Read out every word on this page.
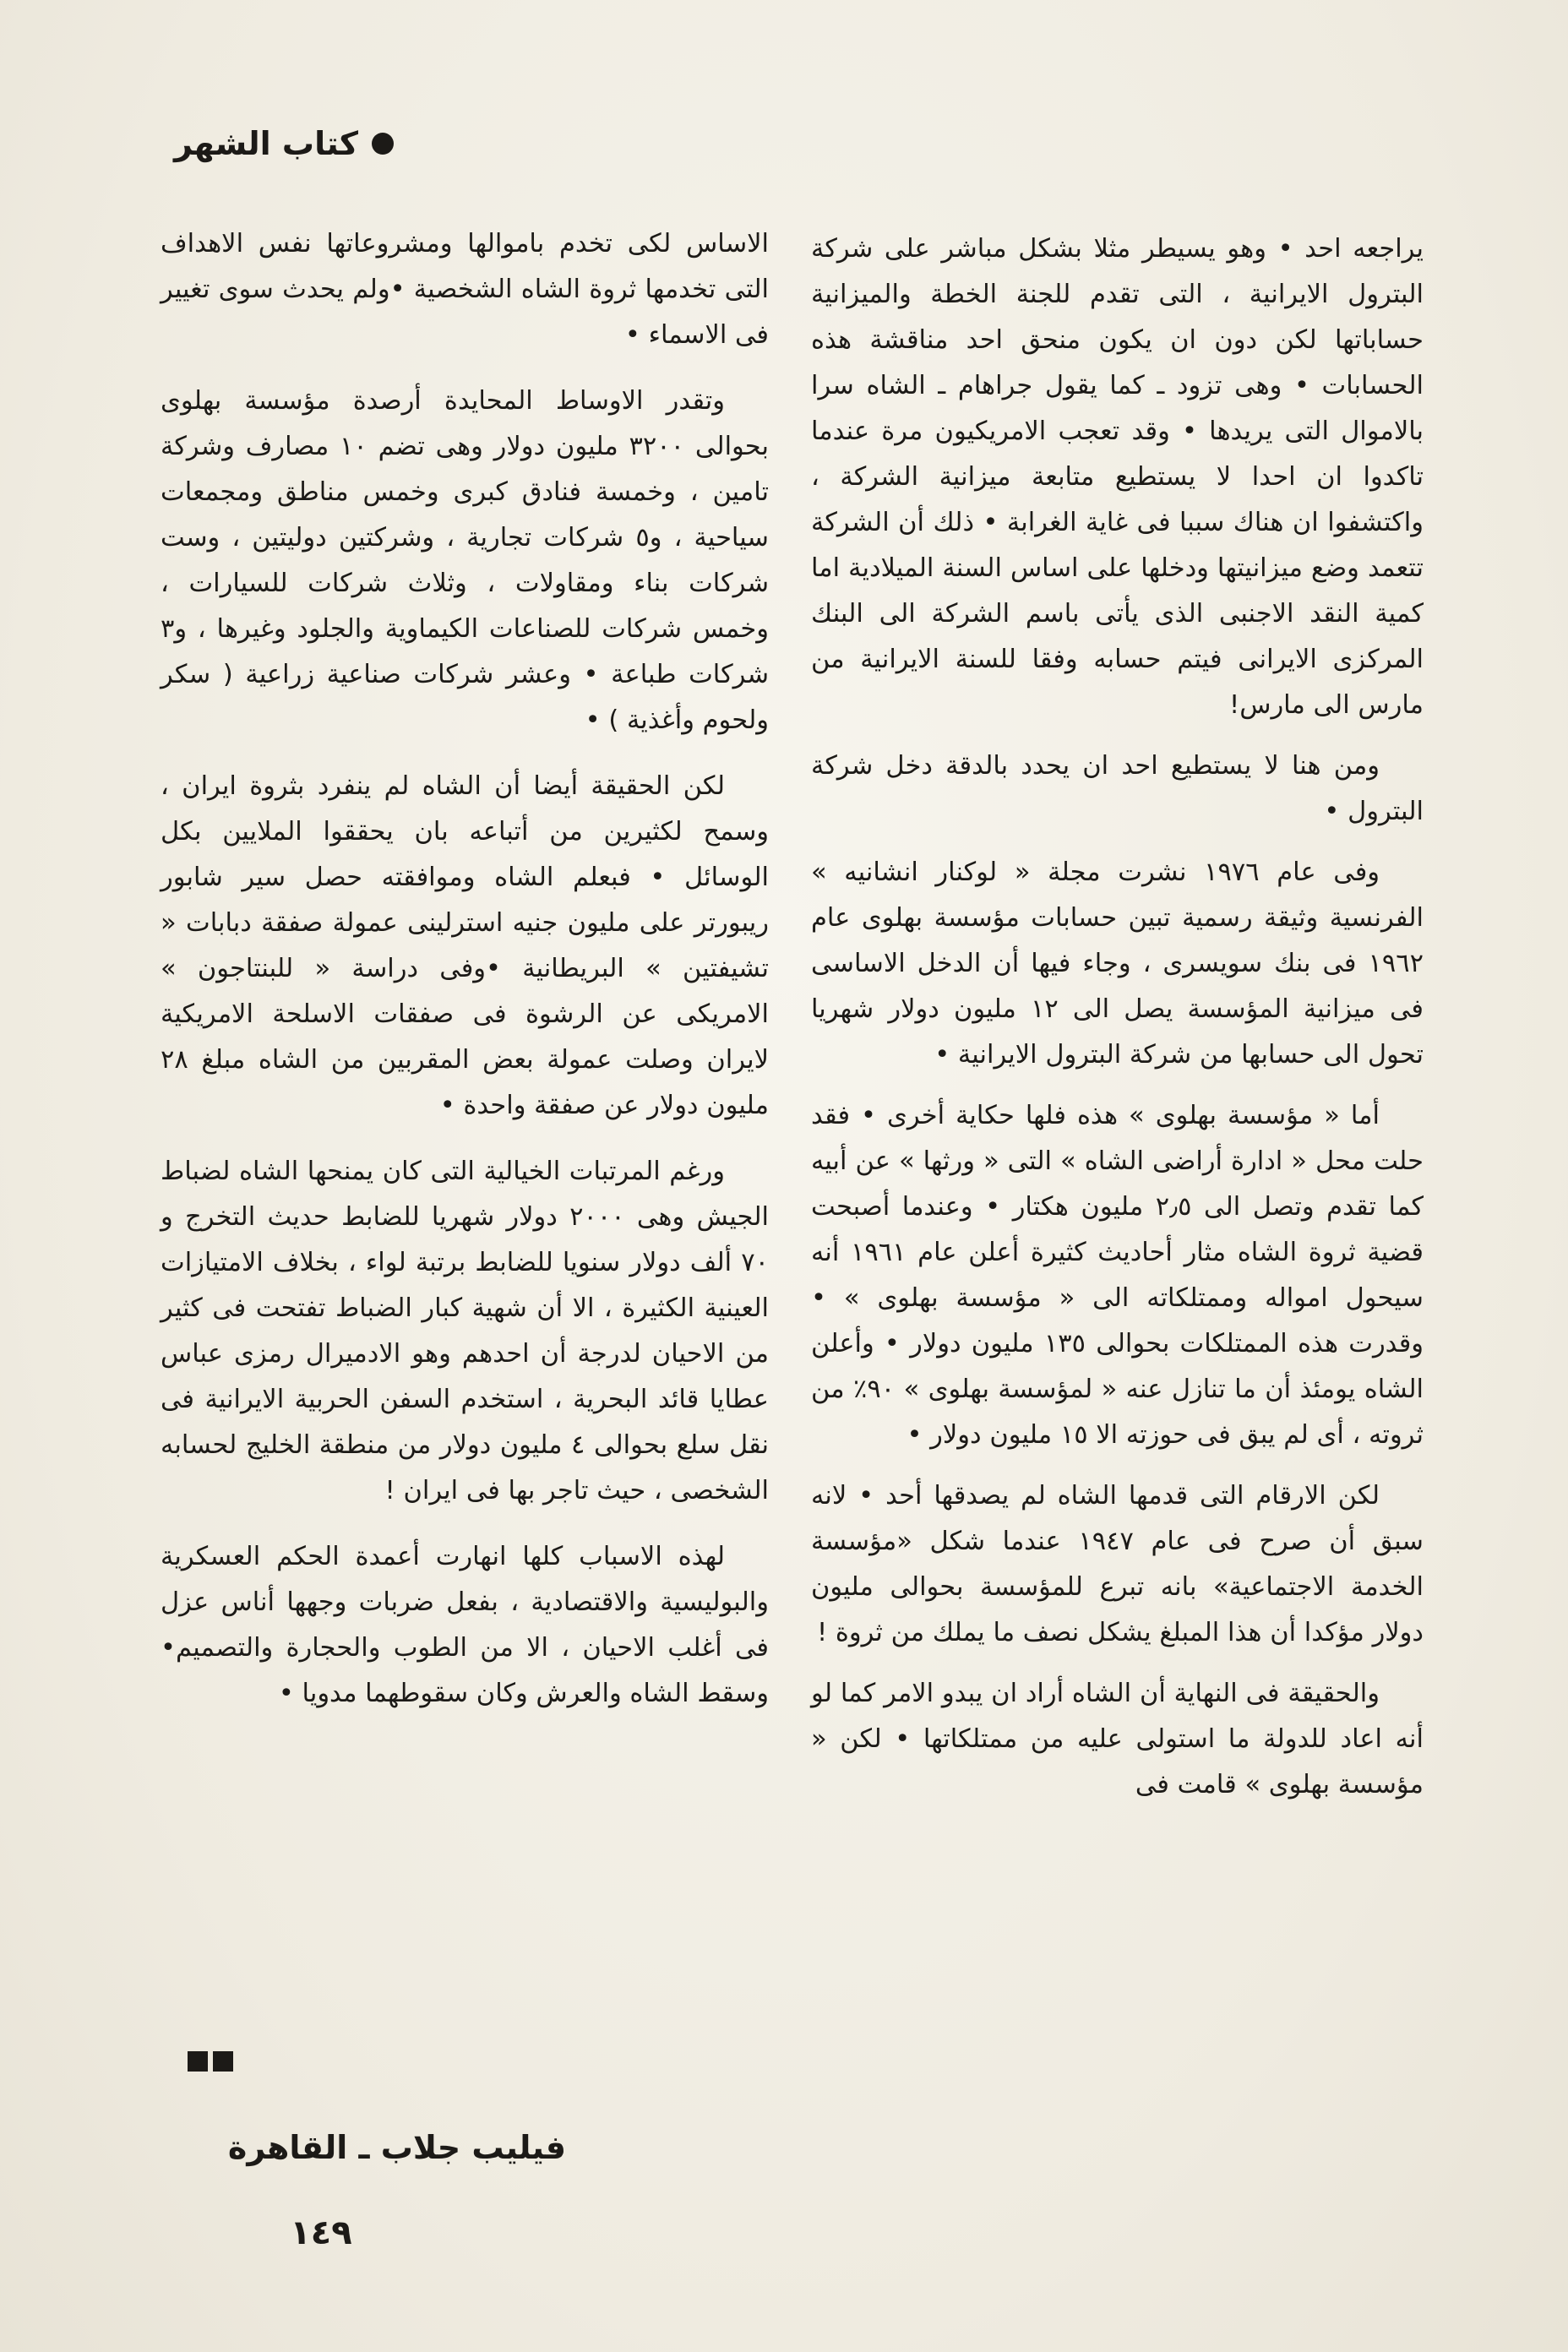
كتاب الشهر

يراجعه احد • وهو يسيطر مثلا بشكل مباشر على شركة البترول الايرانية ، التى تقدم للجنة الخطة والميزانية حساباتها لكن دون ان يكون منحق احد مناقشة هذه الحسابات • وهى تزود ـ كما يقول جراهام ـ الشاه سرا بالاموال التى يريدها • وقد تعجب الامريكيون مرة عندما تاكدوا ان احدا لا يستطيع متابعة ميزانية الشركة ، واكتشفوا ان هناك سببا فى غاية الغرابة • ذلك أن الشركة تتعمد وضع ميزانيتها ودخلها على اساس السنة الميلادية اما كمية النقد الاجنبى الذى يأتى باسم الشركة الى البنك المركزى الايرانى فيتم حسابه وفقا للسنة الايرانية من مارس الى مارس!

ومن هنا لا يستطيع احد ان يحدد بالدقة دخل شركة البترول •

وفى عام ١٩٧٦ نشرت مجلة « لوكنار انشانيه » الفرنسية وثيقة رسمية تبين حسابات مؤسسة بهلوى عام ١٩٦٢ فى بنك سويسرى ، وجاء فيها أن الدخل الاساسى فى ميزانية المؤسسة يصل الى ١٢ مليون دولار شهريا تحول الى حسابها من شركة البترول الايرانية •

أما « مؤسسة بهلوى » هذه فلها حكاية أخرى • فقد حلت محل « ادارة أراضى الشاه » التى « ورثها » عن أبيه كما تقدم وتصل الى ٢٫٥ مليون هكتار • وعندما أصبحت قضية ثروة الشاه مثار أحاديث كثيرة أعلن عام ١٩٦١ أنه سيحول امواله وممتلكاته الى « مؤسسة بهلوى » • وقدرت هذه الممتلكات بحوالى ١٣٥ مليون دولار • وأعلن الشاه يومئذ أن ما تنازل عنه « لمؤسسة بهلوى » ٩٠٪ من ثروته ، أى لم يبق فى حوزته الا ١٥ مليون دولار •

لكن الارقام التى قدمها الشاه لم يصدقها أحد • لانه سبق أن صرح فى عام ١٩٤٧ عندما شكل «مؤسسة الخدمة الاجتماعية» بانه تبرع للمؤسسة بحوالى مليون دولار مؤكدا أن هذا المبلغ يشكل نصف ما يملك من ثروة !

والحقيقة فى النهاية أن الشاه أراد ان يبدو الامر كما لو أنه اعاد للدولة ما استولى عليه من ممتلكاتها • لكن « مؤسسة بهلوى » قامت فى

الاساس لكى تخدم باموالها ومشروعاتها نفس الاهداف التى تخدمها ثروة الشاه الشخصية •ولم يحدث سوى تغيير فى الاسماء •

وتقدر الاوساط المحايدة أرصدة مؤسسة بهلوى بحوالى ٣٢٠٠ مليون دولار وهى تضم ١٠ مصارف وشركة تامين ، وخمسة فنادق كبرى وخمس مناطق ومجمعات سياحية ، و٥ شركات تجارية ، وشركتين دوليتين ، وست شركات بناء ومقاولات ، وثلاث شركات للسيارات ، وخمس شركات للصناعات الكيماوية والجلود وغيرها ، و٣ شركات طباعة • وعشر شركات صناعية زراعية ( سكر ولحوم وأغذية ) •

لكن الحقيقة أيضا أن الشاه لم ينفرد بثروة ايران ، وسمح لكثيرين من أتباعه بان يحققوا الملايين بكل الوسائل • فبعلم الشاه وموافقته حصل سير شابور ريبورتر على مليون جنيه استرلينى عمولة صفقة دبابات « تشيفتين » البريطانية •وفى دراسة « للبنتاجون » الامريكى عن الرشوة فى صفقات الاسلحة الامريكية لايران وصلت عمولة بعض المقربين من الشاه مبلغ ٢٨ مليون دولار عن صفقة واحدة •

ورغم المرتبات الخيالية التى كان يمنحها الشاه لضباط الجيش وهى ٢٠٠٠ دولار شهريا للضابط حديث التخرج و ٧٠ ألف دولار سنويا للضابط برتبة لواء ، بخلاف الامتيازات العينية الكثيرة ، الا أن شهية كبار الضباط تفتحت فى كثير من الاحيان لدرجة أن احدهم وهو الادميرال رمزى عباس عطايا قائد البحرية ، استخدم السفن الحربية الايرانية فى نقل سلع بحوالى ٤ مليون دولار من منطقة الخليج لحسابه الشخصى ، حيث تاجر بها فى ايران !

لهذه الاسباب كلها انهارت أعمدة الحكم العسكرية والبوليسية والاقتصادية ، بفعل ضربات وجهها أناس عزل فى أغلب الاحيان ، الا من الطوب والحجارة والتصميم• وسقط الشاه والعرش وكان سقوطهما مدويا •

فيليب جلاب ـ القاهرة
١٤٩
